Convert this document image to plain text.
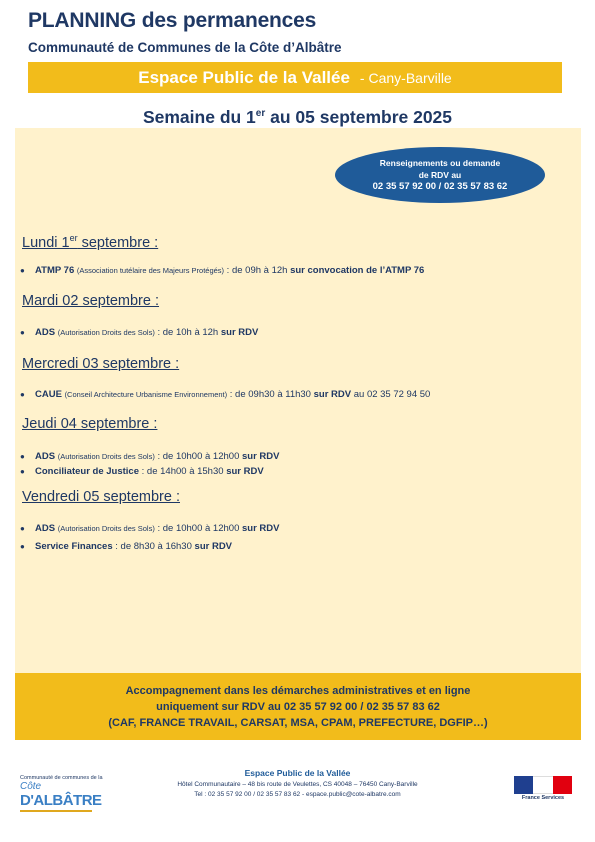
PLANNING des permanences
Communauté de Communes de la Côte d’Albâtre
Espace Public de la Vallée - Cany-Barville
Semaine du 1er au 05 septembre 2025
Renseignements ou demande
de RDV au
02 35 57 92 00 / 02 35 57 83 62
Lundi 1er septembre :
Mardi 02 septembre :
Mercredi 03 septembre :
Jeudi 04 septembre :
Vendredi 05 septembre :
● ATMP 76 (Association tutélaire des Majeurs Protégés) : de 09h à 12h sur convocation de l’ATMP 76
● ADS (Autorisation Droits des Sols) : de 10h à 12h sur RDV
● CAUE (Conseil Architecture Urbanisme Environnement) : de 09h30 à 11h30 sur RDV au 02 35 72 94 50
● ADS (Autorisation Droits des Sols) : de 10h00 à 12h00 sur RDV
● Conciliateur de Justice : de 14h00 à 15h30 sur RDV
● ADS (Autorisation Droits des Sols) : de 10h00 à 12h00 sur RDV
● Service Finances : de 8h30 à 16h30 sur RDV
Accompagnement dans les démarches administratives et en ligne
uniquement sur RDV au 02 35 57 92 00 / 02 35 57 83 62
(CAF, FRANCE TRAVAIL, CARSAT, MSA, CPAM, PREFECTURE, DGFIP…)
Communauté de communes de la Côte
D'ALBÂTRE
Espace Public de la Vallée
Hôtel Communautaire – 48 bis route de Veulettes, CS 40048 – 76450 Cany-Barville
Tel : 02 35 57 92 00 / 02 35 57 83 62 - espace.public@cote-albatre.com	France Services
